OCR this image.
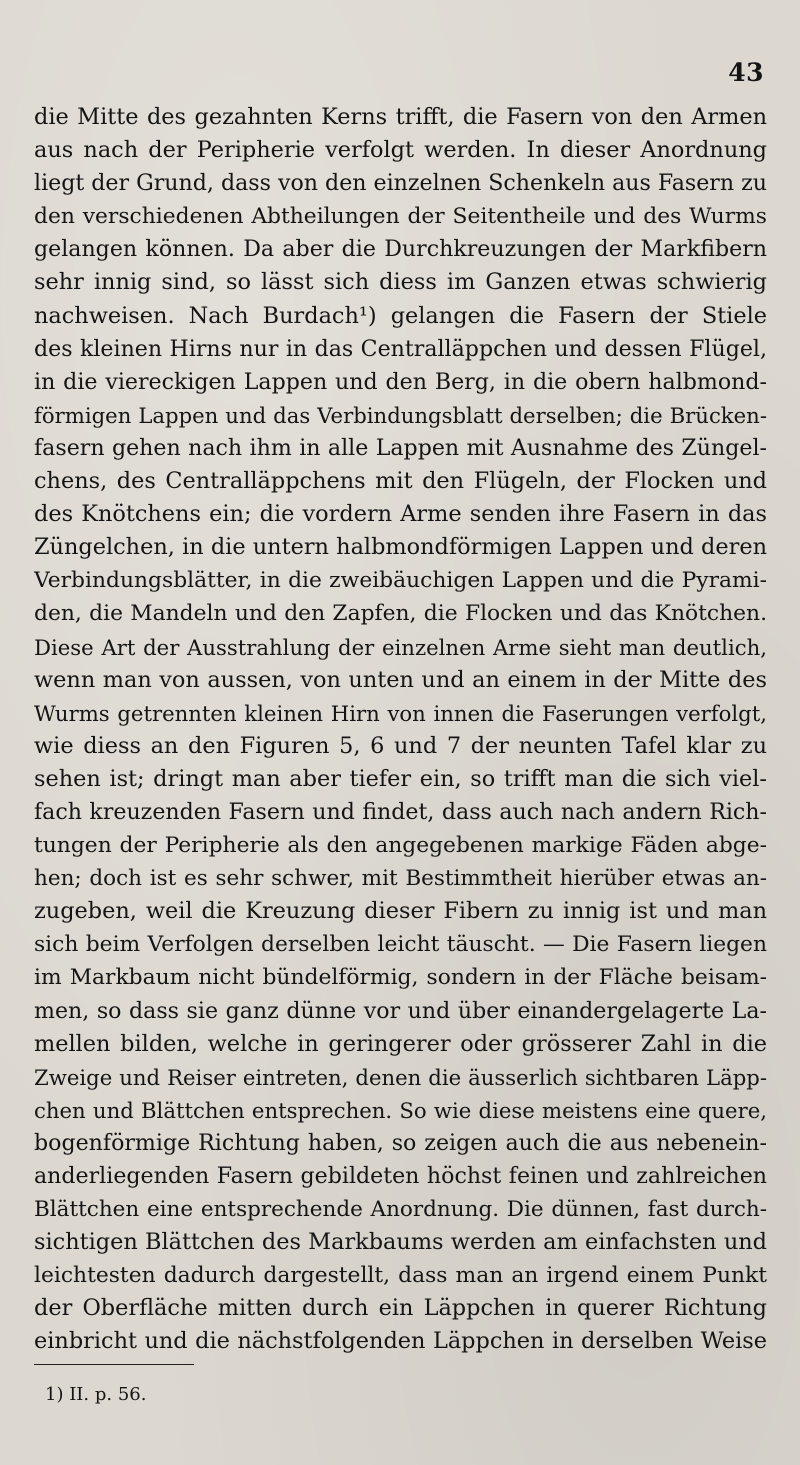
43
die Mitte des gezahnten Kerns trifft, die Fasern von den Armen
aus nach der Peripherie verfolgt werden. In dieser Anordnung
liegt der Grund, dass von den einzelnen Schenkeln aus Fasern zu
den verschiedenen Abtheilungen der Seitentheile und des Wurms
gelangen können. Da aber die Durchkreuzungen der Markfibern
sehr innig sind, so lässt sich diess im Ganzen etwas schwierig
nachweisen. Nach Burdach¹) gelangen die Fasern der Stiele
des kleinen Hirns nur in das Centralläppchen und dessen Flügel,
in die viereckigen Lappen und den Berg, in die obern halbmond-
förmigen Lappen und das Verbindungsblatt derselben; die Brücken-
fasern gehen nach ihm in alle Lappen mit Ausnahme des Züngel-
chens, des Centralläppchens mit den Flügeln, der Flocken und
des Knötchens ein; die vordern Arme senden ihre Fasern in das
Züngelchen, in die untern halbmondförmigen Lappen und deren
Verbindungsblätter, in die zweibäuchigen Lappen und die Pyrami-
den, die Mandeln und den Zapfen, die Flocken und das Knötchen.
Diese Art der Ausstrahlung der einzelnen Arme sieht man deutlich,
wenn man von aussen, von unten und an einem in der Mitte des
Wurms getrennten kleinen Hirn von innen die Faserungen verfolgt,
wie diess an den Figuren 5, 6 und 7 der neunten Tafel klar zu
sehen ist; dringt man aber tiefer ein, so trifft man die sich viel-
fach kreuzenden Fasern und findet, dass auch nach andern Rich-
tungen der Peripherie als den angegebenen markige Fäden abge-
hen; doch ist es sehr schwer, mit Bestimmtheit hierüber etwas an-
zugeben, weil die Kreuzung dieser Fibern zu innig ist und man
sich beim Verfolgen derselben leicht täuscht. — Die Fasern liegen
im Markbaum nicht bündelförmig, sondern in der Fläche beisam-
men, so dass sie ganz dünne vor und über einandergelagerte La-
mellen bilden, welche in geringerer oder grösserer Zahl in die
Zweige und Reiser eintreten, denen die äusserlich sichtbaren Läpp-
chen und Blättchen entsprechen. So wie diese meistens eine quere,
bogenförmige Richtung haben, so zeigen auch die aus nebenein-
anderliegenden Fasern gebildeten höchst feinen und zahlreichen
Blättchen eine entsprechende Anordnung. Die dünnen, fast durch-
sichtigen Blättchen des Markbaums werden am einfachsten und
leichtesten dadurch dargestellt, dass man an irgend einem Punkt
der Oberfläche mitten durch ein Läppchen in querer Richtung
einbricht und die nächstfolgenden Läppchen in derselben Weise
1) II. p. 56.
